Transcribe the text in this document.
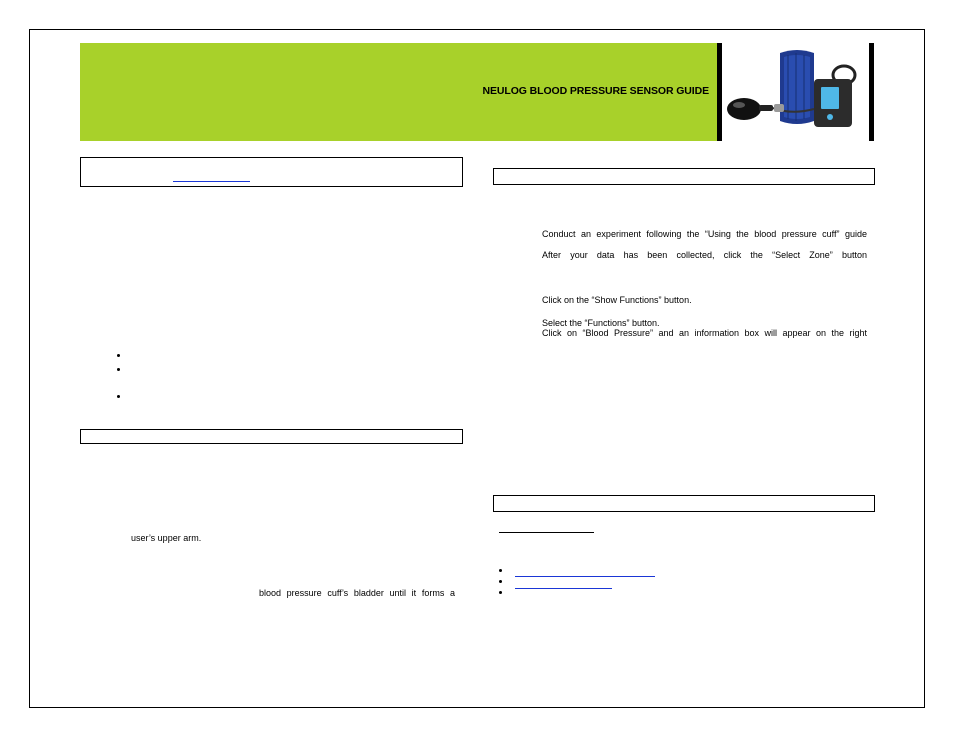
NEULOG BLOOD PRESSURE SENSOR GUIDE
user’s upper arm.
blood pressure cuff’s bladder until it forms a
Conduct an experiment following the “Using the blood pressure cuff” guide
After your data has been collected, click the “Select Zone” button
Click on the “Show Functions” button.
Select the “Functions” button.
Click on “Blood Pressure” and an information box will appear on the right
